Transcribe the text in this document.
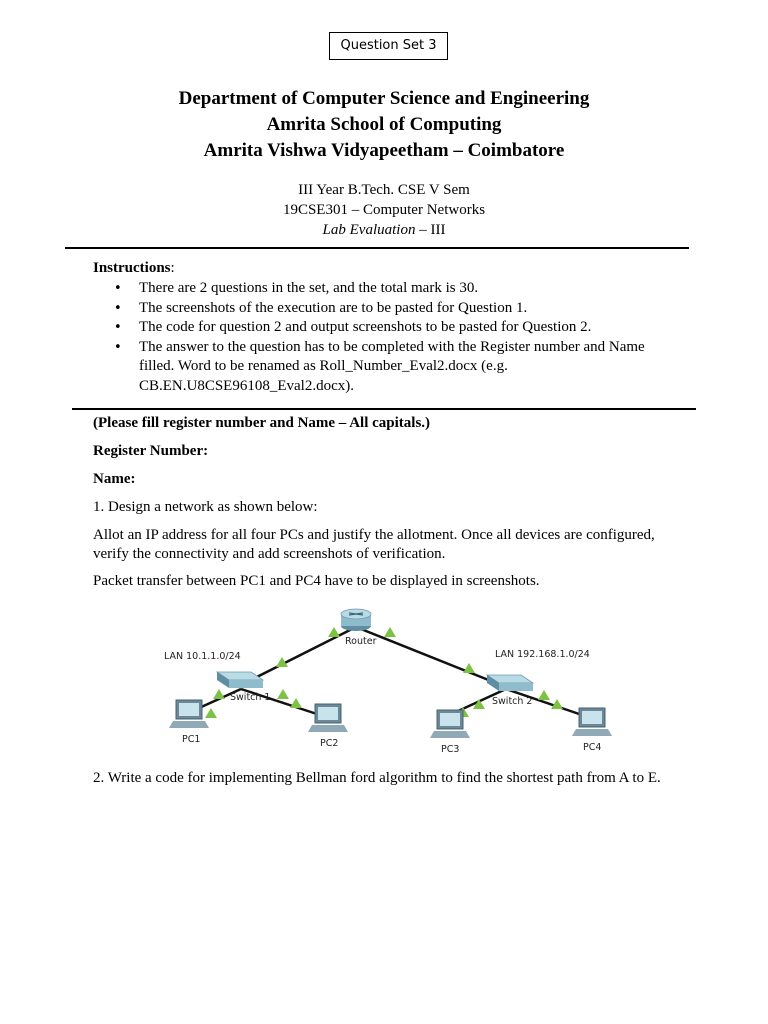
Question Set 3
Department of Computer Science and Engineering
Amrita School of Computing
Amrita Vishwa Vidyapeetham – Coimbatore
III Year B.Tech. CSE V Sem
19CSE301 – Computer Networks
Lab Evaluation – III
Instructions:
• There are 2 questions in the set, and the total mark is 30.
• The screenshots of the execution are to be pasted for Question 1.
• The code for question 2 and output screenshots to be pasted for Question 2.
• The answer to the question has to be completed with the Register number and Name filled. Word to be renamed as Roll_Number_Eval2.docx (e.g. CB.EN.U8CSE96108_Eval2.docx).
(Please fill register number and Name – All capitals.)
Register Number:
Name:
1. Design a network as shown below:
Allot an IP address for all four PCs and justify the allotment. Once all devices are configured, verify the connectivity and add screenshots of verification.
Packet transfer between PC1 and PC4 have to be displayed in screenshots.
Router
LAN 10.1.1.0/24	LAN 192.168.1.0/24
Switch 1	Switch 2
PC1	PC2
PC3	PC4
2. Write a code for implementing Bellman ford algorithm to find the shortest path from A to E.
